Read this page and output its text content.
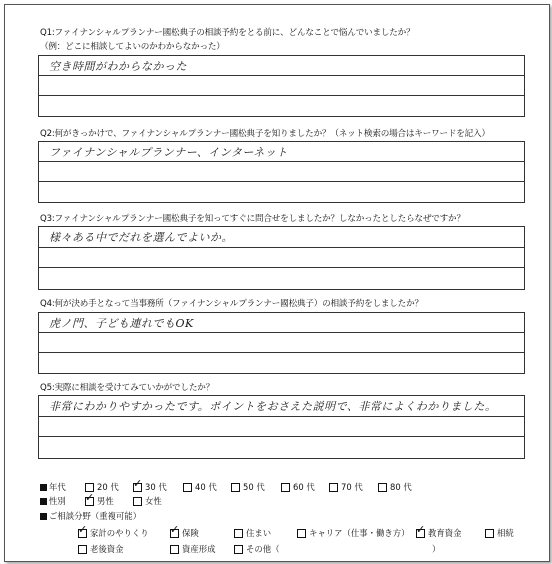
Q1:ファイナンシャルプランナー國松典子の相談予約をとる前に、どんなことで悩んでいましたか？
（例：どこに相談してよいのかわからなかった）
空き時間がわからなかった
Q2:何がきっかけで、ファイナンシャルプランナー國松典子を知りましたか？（ネット検索の場合はキーワードを記入）
ファイナンシャルプランナー、インターネット
Q3:ファイナンシャルプランナー國松典子を知ってすぐに問合せをしましたか？しなかったとしたらなぜですか？
様々ある中でだれを選んでよいか。
Q4:何が決め手となって当事務所（ファイナンシャルプランナー國松典子）の相談予約をしましたか？
虎ノ門、子ども連れでもOK
Q5:実際に相談を受けてみていかがでしたか？
非常にわかりやすかったです。ポイントをおさえた説明で、非常によくわかりました。
年代	20 代 ✓	30 代	40 代	50 代	60 代	70 代	80 代
性別 ✓	男性	女性
ご相談分野（重複可能）
✓家計のやりくり ✓	保険	住まい	キャリア（仕事・働き方） ✓	教育資金	相続
老後資金	資産形成	その他（	）
